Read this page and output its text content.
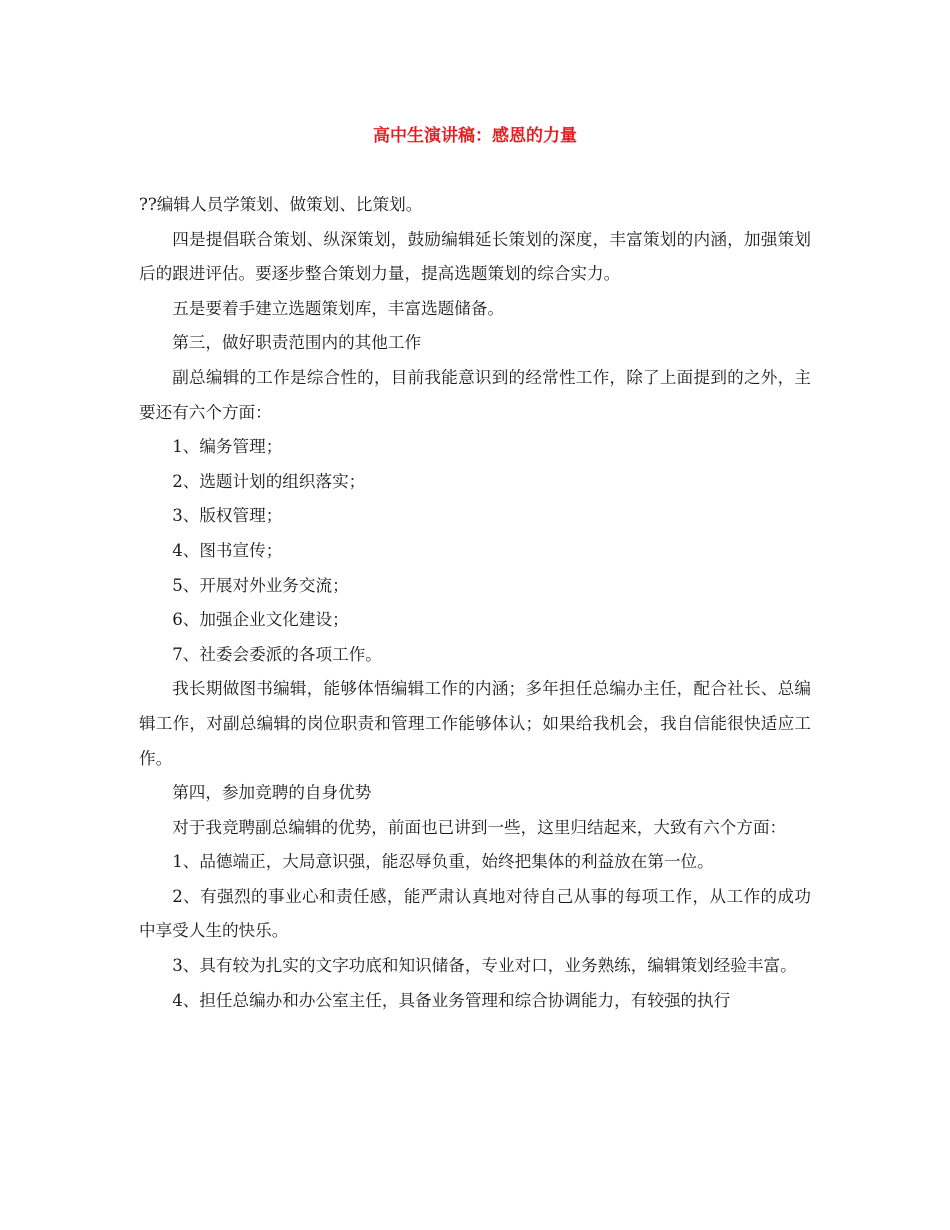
高中生演讲稿：感恩的力量

??编辑人员学策划、做策划、比策划。

四是提倡联合策划、纵深策划，鼓励编辑延长策划的深度，丰富策划的内涵，加强策划后的跟进评估。要逐步整合策划力量，提高选题策划的综合实力。

五是要着手建立选题策划库，丰富选题储备。

第三，做好职责范围内的其他工作

副总编辑的工作是综合性的，目前我能意识到的经常性工作，除了上面提到的之外，主要还有六个方面：

1、编务管理；

2、选题计划的组织落实；

3、版权管理；

4、图书宣传；

5、开展对外业务交流；

6、加强企业文化建设；

7、社委会委派的各项工作。

我长期做图书编辑，能够体悟编辑工作的内涵；多年担任总编办主任，配合社长、总编辑工作，对副总编辑的岗位职责和管理工作能够体认；如果给我机会，我自信能很快适应工作。

第四，参加竞聘的自身优势

对于我竞聘副总编辑的优势，前面也已讲到一些，这里归结起来，大致有六个方面：

1、品德端正，大局意识强，能忍辱负重，始终把集体的利益放在第一位。

2、有强烈的事业心和责任感，能严肃认真地对待自己从事的每项工作，从工作的成功中享受人生的快乐。

3、具有较为扎实的文字功底和知识储备，专业对口，业务熟练，编辑策划经验丰富。

4、担任总编办和办公室主任，具备业务管理和综合协调能力，有较强的执行
